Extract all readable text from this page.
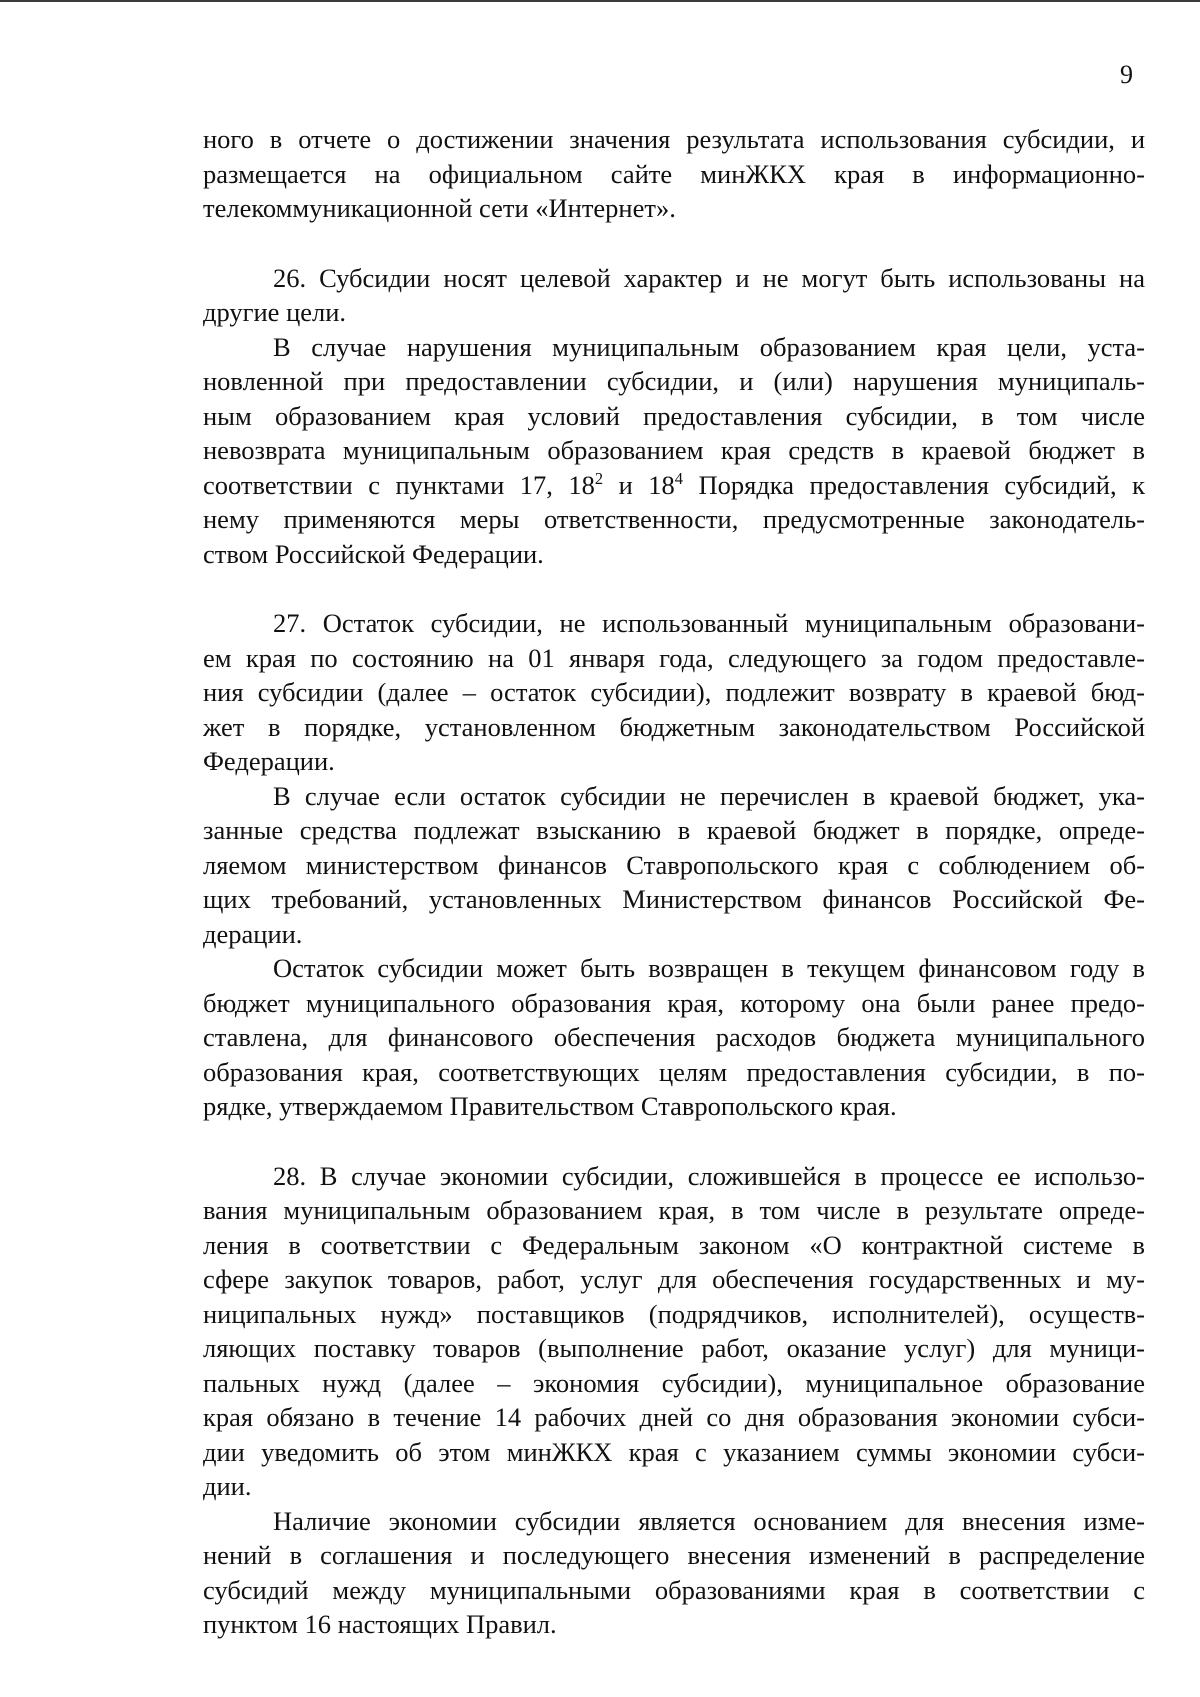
9
ного в отчете о достижении значения результата использования субсидии, и
размещается на официальном сайте минЖКХ края в информационно-
телекоммуникационной сети «Интернет».
26. Субсидии носят целевой характер и не могут быть использованы на
другие цели.
В случае нарушения муниципальным образованием края цели, уста-
новленной при предоставлении субсидии, и (или) нарушения муниципаль-
ным образованием края условий предоставления субсидии, в том числе
невозврата муниципальным образованием края средств в краевой бюджет в
соответствии с пунктами 17, $18^2$ и $18^4$ Порядка предоставления субсидий, к
нему применяются меры ответственности, предусмотренные законодатель-
ством Российской Федерации.
27. Остаток субсидии, не использованный муниципальным образовани-
ем края по состоянию на 01 января года, следующего за годом предоставле-
ния субсидии (далее – остаток субсидии), подлежит возврату в краевой бюд-
жет в порядке, установленном бюджетным законодательством Российской
Федерации.
В случае если остаток субсидии не перечислен в краевой бюджет, ука-
занные средства подлежат взысканию в краевой бюджет в порядке, опреде-
ляемом министерством финансов Ставропольского края с соблюдением об-
щих требований, установленных Министерством финансов Российской Фе-
дерации.
Остаток субсидии может быть возвращен в текущем финансовом году в
бюджет муниципального образования края, которому она были ранее предо-
ставлена, для финансового обеспечения расходов бюджета муниципального
образования края, соответствующих целям предоставления субсидии, в по-
рядке, утверждаемом Правительством Ставропольского края.
28. В случае экономии субсидии, сложившейся в процессе ее использо-
вания муниципальным образованием края, в том числе в результате опреде-
ления в соответствии с Федеральным законом «О контрактной системе в
сфере закупок товаров, работ, услуг для обеспечения государственных и му-
ниципальных нужд» поставщиков (подрядчиков, исполнителей), осуществ-
ляющих поставку товаров (выполнение работ, оказание услуг) для муници-
пальных нужд (далее – экономия субсидии), муниципальное образование
края обязано в течение 14 рабочих дней со дня образования экономии субси-
дии уведомить об этом минЖКХ края с указанием суммы экономии субси-
дии.
Наличие экономии субсидии является основанием для внесения изме-
нений в соглашения и последующего внесения изменений в распределение
субсидий между муниципальными образованиями края в соответствии с
пунктом 16 настоящих Правил.
